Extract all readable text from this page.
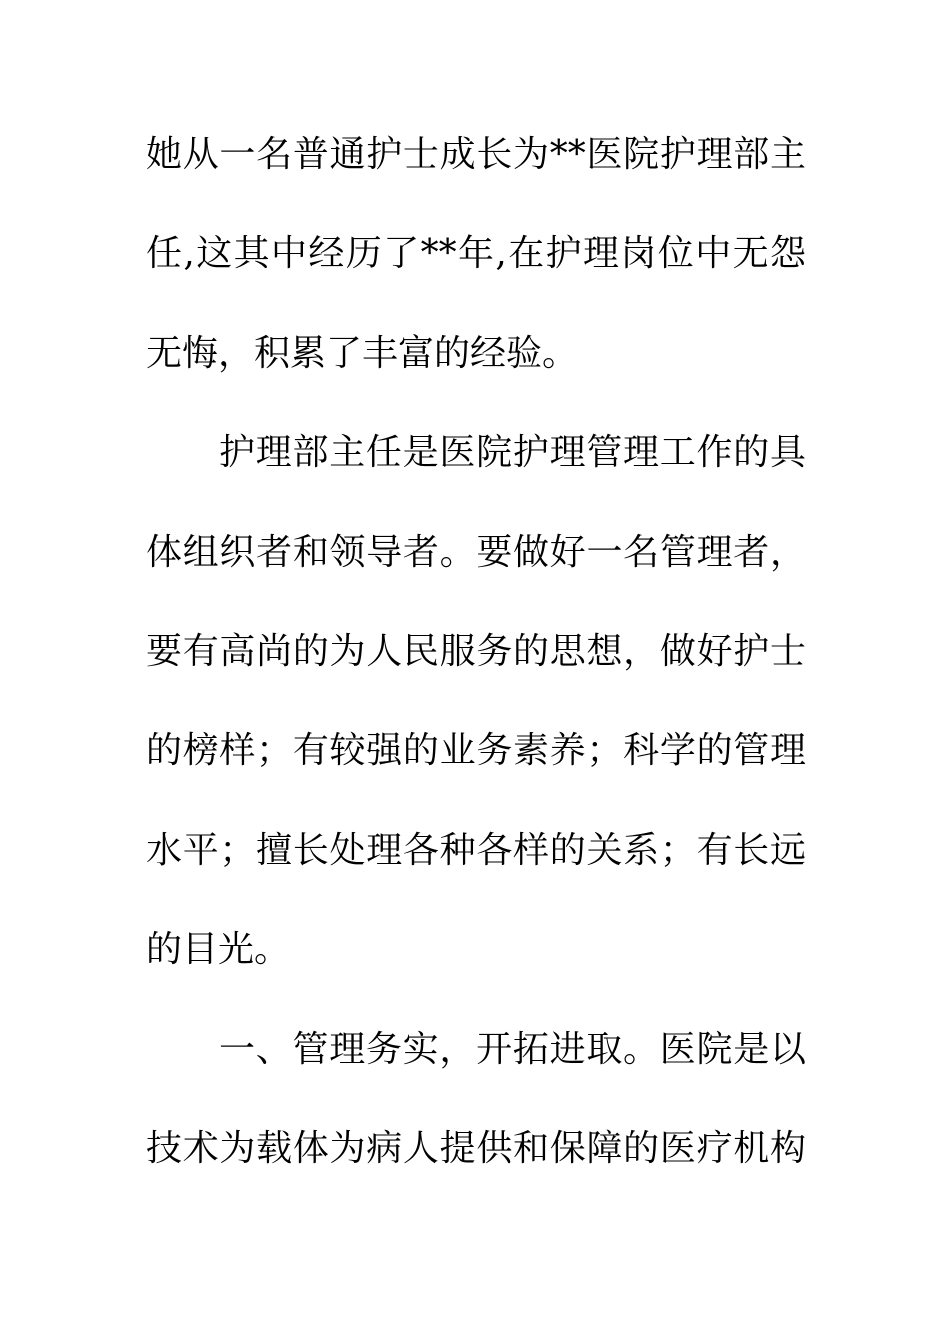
她从一名普通护士成长为**医院护理部主
任,这其中经历了**年,在护理岗位中无怨
无悔，积累了丰富的经验。
护理部主任是医院护理管理工作的具
体组织者和领导者。要做好一名管理者，
要有高尚的为人民服务的思想，做好护士
的榜样；有较强的业务素养；科学的管理
水平；擅长处理各种各样的关系；有长远
的目光。
一、管理务实，开拓进取。医院是以
技术为载体为病人提供和保障的医疗机构
